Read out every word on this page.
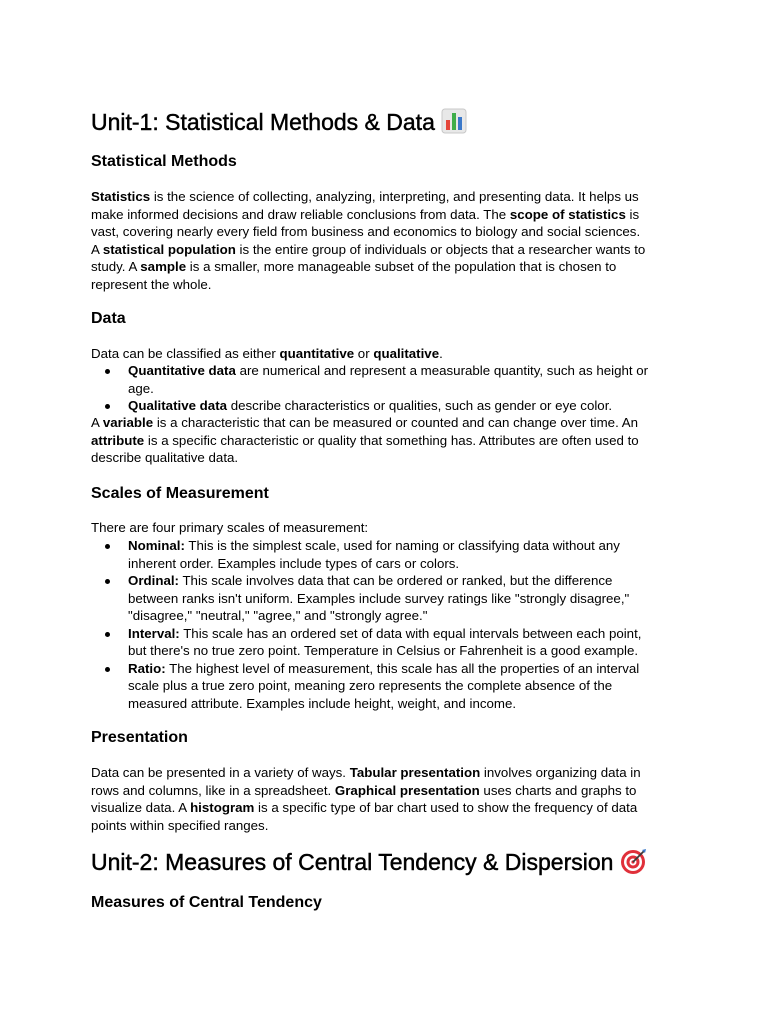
Unit-1: Statistical Methods & Data
Statistical Methods
Statistics is the science of collecting, analyzing, interpreting, and presenting data. It helps us
make informed decisions and draw reliable conclusions from data. The scope of statistics is
vast, covering nearly every field from business and economics to biology and social sciences.
A statistical population is the entire group of individuals or objects that a researcher wants to
study. A sample is a smaller, more manageable subset of the population that is chosen to
represent the whole.
Data
Data can be classified as either quantitative or qualitative.
Quantitative data are numerical and represent a measurable quantity, such as height or
age.
Qualitative data describe characteristics or qualities, such as gender or eye color.
A variable is a characteristic that can be measured or counted and can change over time. An
attribute is a specific characteristic or quality that something has. Attributes are often used to
describe qualitative data.
Scales of Measurement
There are four primary scales of measurement:
Nominal: This is the simplest scale, used for naming or classifying data without any
inherent order. Examples include types of cars or colors.
Ordinal: This scale involves data that can be ordered or ranked, but the difference
between ranks isn't uniform. Examples include survey ratings like "strongly disagree,"
"disagree," "neutral," "agree," and "strongly agree."
Interval: This scale has an ordered set of data with equal intervals between each point,
but there's no true zero point. Temperature in Celsius or Fahrenheit is a good example.
Ratio: The highest level of measurement, this scale has all the properties of an interval
scale plus a true zero point, meaning zero represents the complete absence of the
measured attribute. Examples include height, weight, and income.
Presentation
Data can be presented in a variety of ways. Tabular presentation involves organizing data in
rows and columns, like in a spreadsheet. Graphical presentation uses charts and graphs to
visualize data. A histogram is a specific type of bar chart used to show the frequency of data
points within specified ranges.
Unit-2: Measures of Central Tendency & Dispersion
Measures of Central Tendency
